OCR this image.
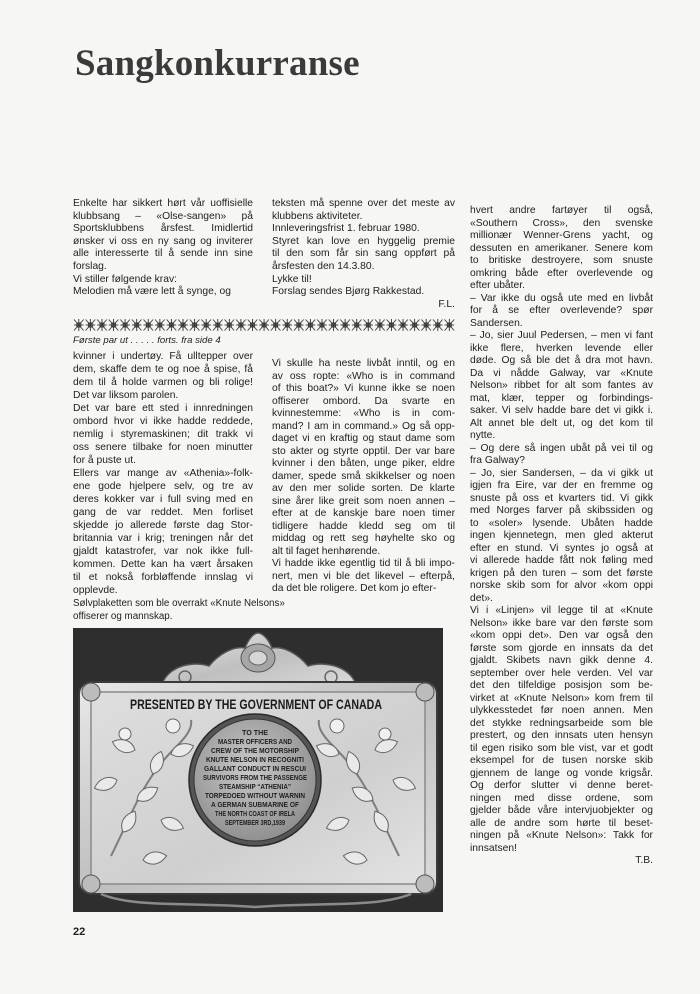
Sangkonkurranse
Enkelte har sikkert hørt vår uoffisielle
klubbsang – «Olse-sangen» på
Sportsklubbens årsfest. Imidlertid
ønsker vi oss en ny sang og inviterer
alle interesserte til å sende inn sine
forslag.
Vi stiller følgende krav:
Melodien må være lett å synge, og
teksten må spenne over det meste av
klubbens aktiviteter.
Innleveringsfrist 1. februar 1980.
Styret kan love en hyggelig premie
til den som får sin sang oppført på
årsfesten den 14.3.80.
Lykke til!
Forslag sendes Bjørg Rakkestad.
F.L.
hvert andre fartøyer til også,
«Southern Cross», den svenske
millionær Wenner-Grens yacht, og
dessuten en amerikaner. Senere kom
to britiske destroyere, som snuste
omkring både efter overlevende og
efter ubåter.
– Var ikke du også ute med en livbåt
for å se efter overlevende? spør
Sandersen.
– Jo, sier Juul Pedersen, – men vi fant
ikke flere, hverken levende eller
døde. Og så ble det å dra mot havn.
Da vi nådde Galway, var «Knute
Nelson» ribbet for alt som fantes av
mat, klær, tepper og forbindings-
saker. Vi selv hadde bare det vi gikk i.
Alt annet ble delt ut, og det kom til
nytte.
– Og dere så ingen ubåt på vei til og
fra Galway?
– Jo, sier Sandersen, – da vi gikk ut
igjen fra Eire, var der en fremme og
snuste på oss et kvarters tid. Vi gikk
med Norges farver på skibssiden og
to «soler» lysende. Ubåten hadde
ingen kjennetegn, men gled akterut
efter en stund. Vi syntes jo også at
vi allerede hadde fått nok føling med
krigen på den turen – som det første
norske skib som for alvor «kom oppi
det».
Vi i «Linjen» vil legge til at «Knute
Nelson» ikke bare var den første som
«kom oppi det». Den var også den
første som gjorde en innsats da det
gjaldt. Skibets navn gikk denne 4.
september over hele verden. Vel var
det den tilfeldige posisjon som be-
virket at «Knute Nelson» kom frem til
ulykkesstedet før noen annen. Men
det stykke redningsarbeide som ble
prestert, og den innsats uten hensyn
til egen risiko som ble vist, var et godt
eksempel for de tusen norske skib
gjennem de lange og vonde krigsår.
Og derfor slutter vi denne beret-
ningen med disse ordene, som
gjelder både våre intervjuobjekter og
alle de andre som hørte til beset-
ningen på «Knute Nelson»: Takk for
innsatsen!
T.B.
Første par ut . . . . . forts. fra side 4
kvinner i undertøy. Få ulltepper over
dem, skaffe dem te og noe å spise, få
dem til å holde varmen og bli rolige!
Det var liksom parolen.
Det var bare ett sted i innredningen
ombord hvor vi ikke hadde reddede,
nemlig i styremaskinen; dit trakk vi
oss senere tilbake for noen minutter
for å puste ut.
Ellers var mange av «Athenia»-folk-
ene gode hjelpere selv, og tre av
deres kokker var i full sving med en
gang de var reddet. Men forliset
skjedde jo allerede første dag Stor-
britannia var i krig; treningen når det
gjaldt katastrofer, var nok ikke full-
kommen. Dette kan ha vært årsaken
til et nokså forbløffende innslag vi
opplevde.
Vi skulle ha neste livbåt inntil, og en
av oss ropte: «Who is in command
of this boat?» Vi kunne ikke se noen
offiserer ombord. Da svarte en
kvinnestemme: «Who is in com-
mand? I am in command.» Og så opp-
daget vi en kraftig og staut dame som
sto akter og styrte opptil. Der var bare
kvinner i den båten, unge piker, eldre
damer, spede små skikkelser og noen
av den mer solide sorten. De klarte
sine årer like greit som noen annen –
efter at de kanskje bare noen timer
tidligere hadde kledd seg om til
middag og rett seg høyhelte sko og
alt til faget henhørende.
Vi hadde ikke egentlig tid til å bli impo-
nert, men vi ble det likevel – efterpå,
da det ble roligere. Det kom jo efter-
Sølvplaketten som ble overrakt «Knute Nelsons»
offiserer og mannskap.
PRESENTED BY THE GOVERNMENT OF CANADA
TO THE
MASTER OFFICERS AND
CREW OF THE MOTORSHIP
KNUTE NELSON IN RECOGNITI
GALLANT CONDUCT IN RESCUI
SURVIVORS FROM THE PASSENGE
STEAMSHIP “ATHENIA”
TORPEDOED WITHOUT WARNIN
A GERMAN SUBMARINE OF
THE NORTH COAST OF IRELA
SEPTEMBER 3RD,1939
22
